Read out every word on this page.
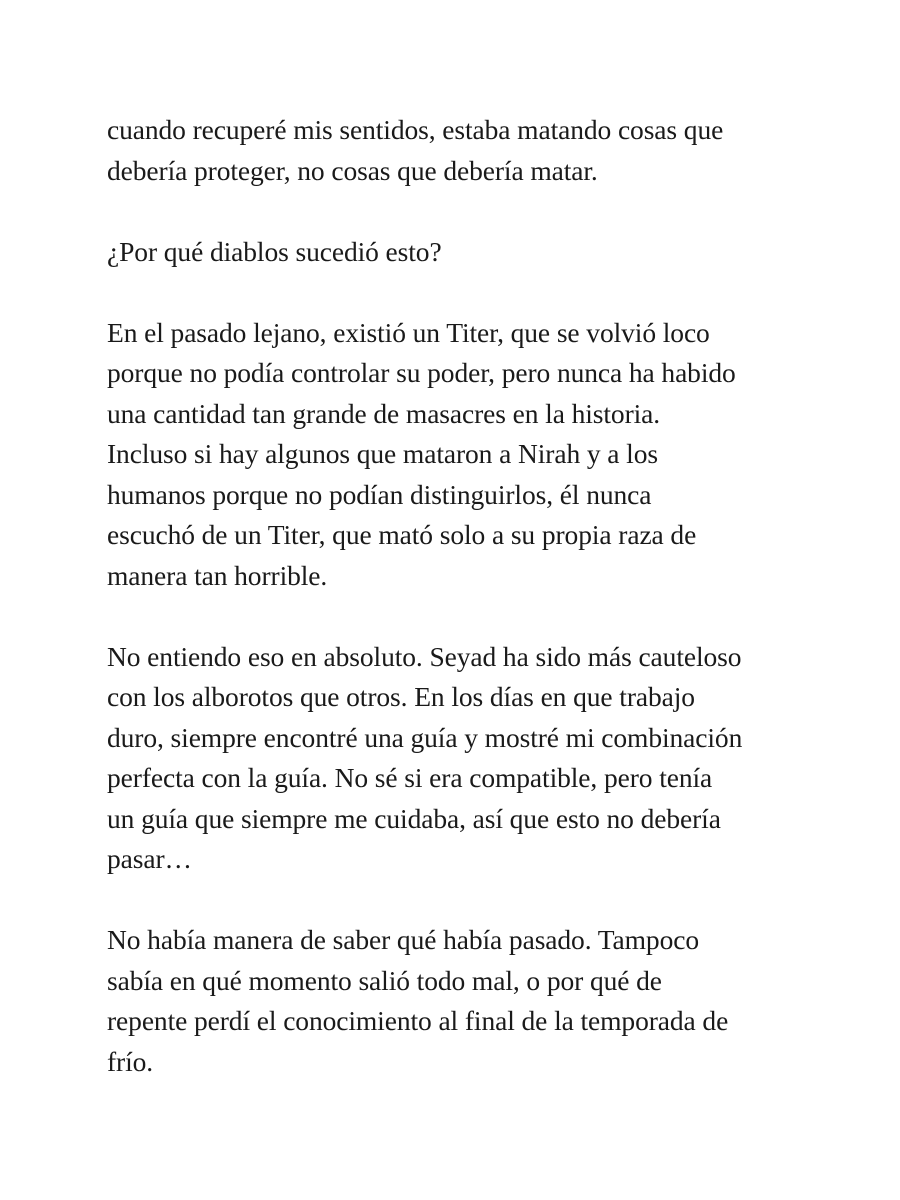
cuando recuperé mis sentidos, estaba matando cosas que
debería proteger, no cosas que debería matar.

¿Por qué diablos sucedió esto?

En el pasado lejano, existió un Titer, que se volvió loco
porque no podía controlar su poder, pero nunca ha habido
una cantidad tan grande de masacres en la historia.
Incluso si hay algunos que mataron a Nirah y a los
humanos porque no podían distinguirlos, él nunca
escuchó de un Titer, que mató solo a su propia raza de
manera tan horrible.

No entiendo eso en absoluto. Seyad ha sido más cauteloso
con los alborotos que otros. En los días en que trabajo
duro, siempre encontré una guía y mostré mi combinación
perfecta con la guía. No sé si era compatible, pero tenía
un guía que siempre me cuidaba, así que esto no debería
pasar…

No había manera de saber qué había pasado. Tampoco
sabía en qué momento salió todo mal, o por qué de
repente perdí el conocimiento al final de la temporada de
frío.
